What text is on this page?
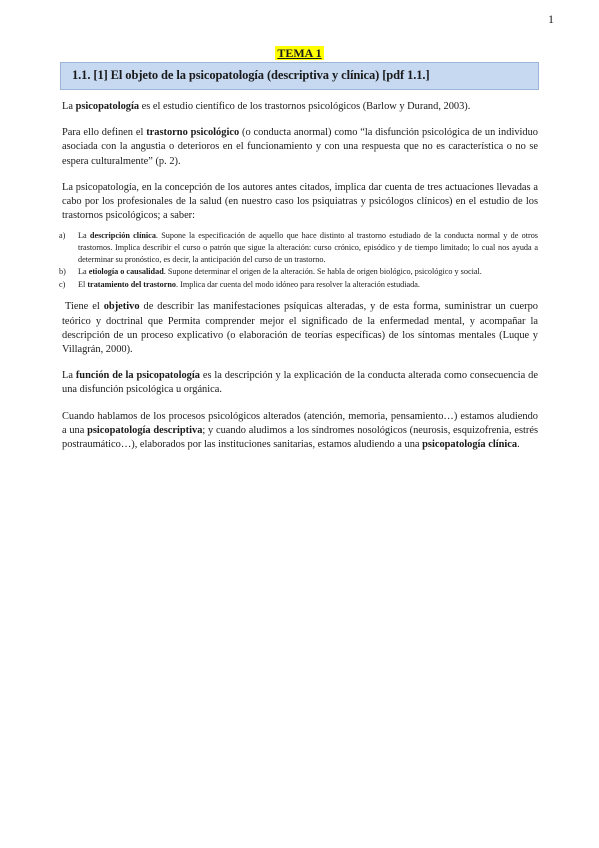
1
TEMA 1
1.1. [1] El objeto de la psicopatología (descriptiva y clínica) [pdf 1.1.]

La psicopatología es el estudio científico de los trastornos psicológicos (Barlow y Durand, 2003).

Para ello definen el trastorno psicológico (o conducta anormal) como “la disfunción psicológica de un individuo asociada con la angustia o deterioros en el funcionamiento y con una respuesta que no es característica o no se espera culturalmente” (p. 2).

La psicopatología, en la concepción de los autores antes citados, implica dar cuenta de tres actuaciones llevadas a cabo por los profesionales de la salud (en nuestro caso los psiquiatras y psicólogos clínicos) en el estudio de los trastornos psicológicos; a saber:

a) La descripción clínica. Supone la especificación de aquello que hace distinto al trastorno estudiado de la conducta normal y de otros trastornos. Implica describir el curso o patrón que sigue la alteración: curso crónico, episódico y de tiempo limitado; lo cual nos ayuda a determinar su pronóstico, es decir, la anticipación del curso de un trastorno.
b) La etiología o causalidad. Supone determinar el origen de la alteración. Se habla de origen biológico, psicológico y social.
c) El tratamiento del trastorno. Implica dar cuenta del modo idóneo para resolver la alteración estudiada.

Tiene el objetivo de describir las manifestaciones psíquicas alteradas, y de esta forma, suministrar un cuerpo teórico y doctrinal que Permita comprender mejor el significado de la enfermedad mental, y acompañar la descripción de un proceso explicativo (o elaboración de teorías específicas) de los síntomas mentales (Luque y Villagrán, 2000).

La función de la psicopatología es la descripción y la explicación de la conducta alterada como consecuencia de una disfunción psicológica u orgánica.

Cuando hablamos de los procesos psicológicos alterados (atención, memoria, pensamiento…) estamos aludiendo a una psicopatología descriptiva; y cuando aludimos a los síndromes nosológicos (neurosis, esquizofrenia, estrés postraumático…), elaborados por las instituciones sanitarias, estamos aludiendo a una psicopatología clínica.
